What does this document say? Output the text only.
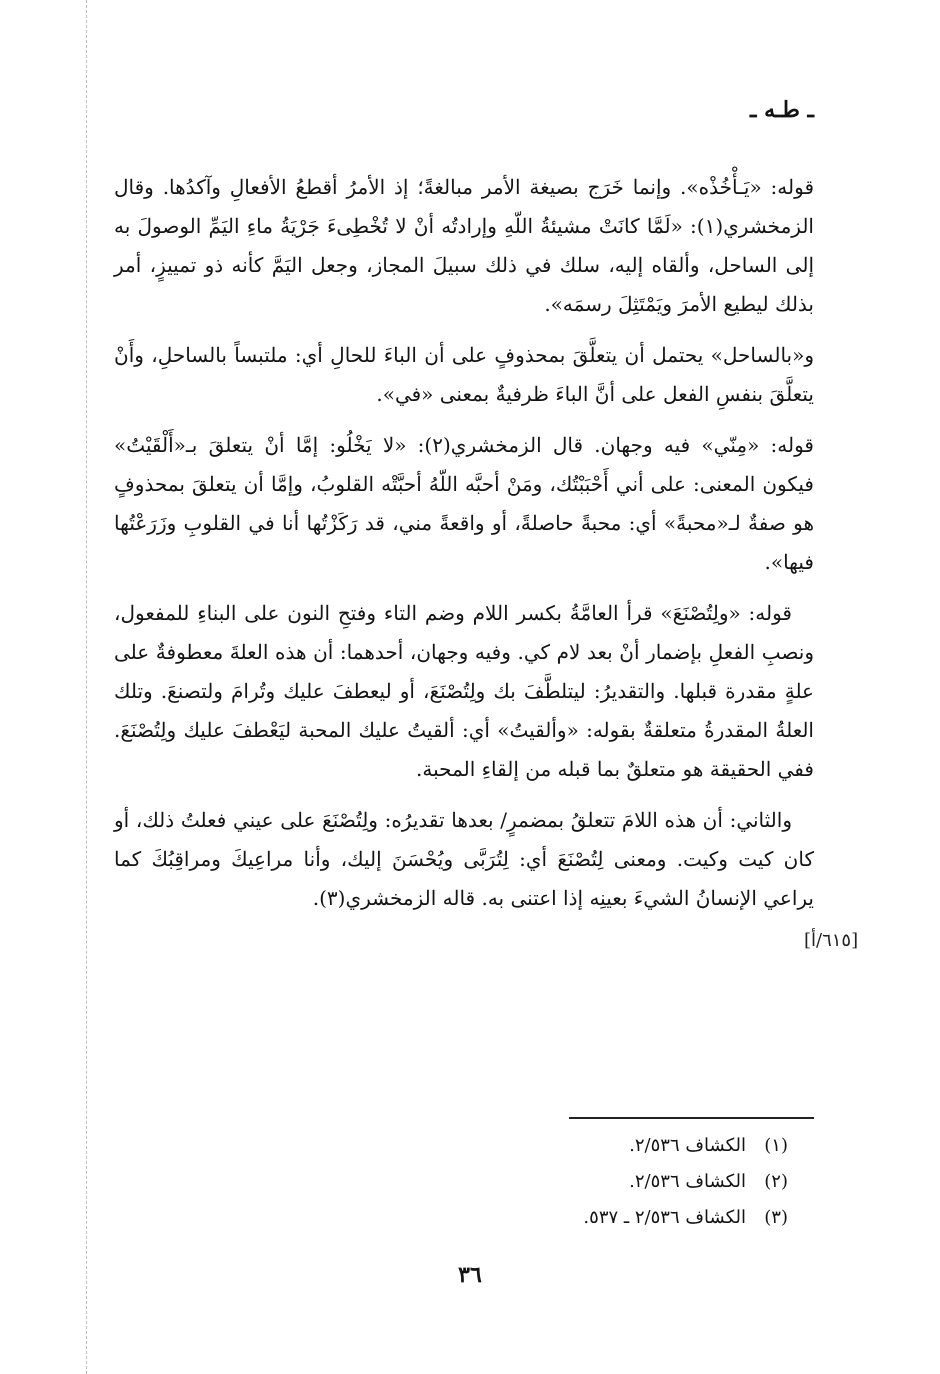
ـ طـه ـ
[٦١٥/أ]

قوله: «يَـأْخُذْه». وإنما خَرَج بصيغة الأمر مبالغةً؛ إذ الأمرُ أقطعُ الأفعالِ وآكدُها. وقال الزمخشري(١): «لَمَّا كانَتْ مشيئةُ اللّهِ وإرادتُه أنْ لا تُخْطِىءَ جَرْيَةُ ماءِ اليَمِّ الوصولَ به إلى الساحل، وألقاه إليه، سلك في ذلك سبيلَ المجاز، وجعل اليَمَّ كأنه ذو تمييزٍ، أمر بذلك ليطيع الأمرَ ويَمْتَثِلَ رسمَه».

و«بالساحل» يحتمل أن يتعلَّقَ بمحذوفٍ على أن الباءَ للحالِ أي: ملتبساً بالساحلِ، وأَنْ يتعلَّقَ بنفسِ الفعل على أنَّ الباءَ ظرفيةٌ بمعنى «في».

قوله: «مِنّي» فيه وجهان. قال الزمخشري(٢): «لا يَخْلُو: إمَّا أنْ يتعلقَ بـ«أَلْقَيْتُ» فيكون المعنى: على أني أَحْبَبْتُك، ومَنْ أحبَّه اللّهُ أحبَّتْه القلوبُ، وإمَّا أن يتعلقَ بمحذوفٍ هو صفةٌ لـ«محبةً» أي: محبةً حاصلةً، أو واقعةً مني، قد رَكَزْتُها أنا في القلوبِ وزَرَعْتُها فيها».

قوله: «ولِتُصْنَعَ» قرأ العامَّةُ بكسر اللام وضم التاء وفتحِ النون على البناءِ للمفعول، ونصبِ الفعلِ بإضمار أنْ بعد لام كي. وفيه وجهان، أحدهما: أن هذه العلةَ معطوفةٌ على علةٍ مقدرة قبلها. والتقديرُ: ليتلطَّفَ بك ولِتُصْنَعَ، أو ليعطفَ عليك وتُرامَ ولتصنعَ. وتلك العلةُ المقدرةُ متعلقةٌ بقوله: «وألقيتُ» أي: ألقيتُ عليك المحبة ليَعْطفَ عليك ولِتُصْنَعَ. ففي الحقيقة هو متعلقٌ بما قبله من إلقاءِ المحبة.

والثاني: أن هذه اللامَ تتعلقُ بمضمرٍ/ بعدها تقديرُه: ولِتُصْنَعَ على عيني فعلتُ ذلك، أو كان كيت وكيت. ومعنى لِتُصْنَعَ أي: لِتُرَبَّى ويُحْسَنَ إليك، وأنا مراعِيكَ ومراقِبُكَ كما يراعي الإنسانُ الشيءَ بعينِه إذا اعتنى به. قاله الزمخشري(٣).

(١)
الكشاف ٢/٥٣٦.
(٢)
الكشاف ٢/٥٣٦.
(٣)
الكشاف ٢/٥٣٦ ـ ٥٣٧.
٣٦
